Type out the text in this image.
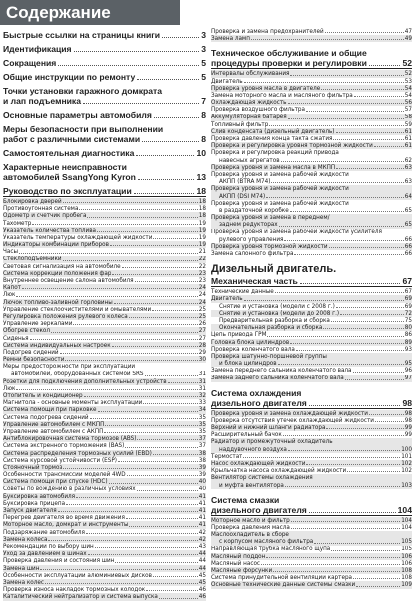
Содержание
Быстрые ссылки на страницы книги	3
Идентификация	3
Сокращения	5
Общие инструкции по ремонту	5
Точки установки гаражного домкрата
и лап подъемника	7
Основные параметры автомобиля	8
Меры безопасности при выполнении
работ с различными системами	8
Самостоятельная диагностика	10
Характерные неисправности
автомобилей SsangYong Kyron	13
Руководство по эксплуатации	18
Блокировка дверей	18
Противоугонная система	18
Одометр и счетчик пробега	18
Тахометр	19
Указатель количества топлива	19
Указатель температуры охлаждающей жидкости	19
Индикаторы комбинации приборов	19
Часы	21
Стеклоподъемники	22
Световая сигнализация на автомобиле	22
Система коррекции положения фар	23
Внутреннее освещение салона автомобиля	23
Капот	24
Люк	24
Лючок топливо-заливной горловины	24
Управление стеклоочистителями и омывателями	25
Регулировка положения рулевого колеса	25
Управление зеркалами	26
Обогрев стекол	27
Сиденья	27
Система индивидуальных настроек	28
Подогрев сидений	29
Ремни безопасности	30
Меры предосторожности при эксплуатации
автомобилей, оборудованных системой SRS	31
Розетки для подключения дополнительных устройств	31
Люк	31
Отопитель и кондиционер	32
Магнитола - основные моменты эксплуатации	33
Система помощи при парковке	34
Система подогрева сидений	35
Управление автомобилем с МКПП	35
Управление автомобилем с АКПП	35
Антиблокировочная система тормозов (ABS)	37
Система экстренного торможения (BAS)	37
Система распределения тормозных усилий (EBD)	38
Система курсовой устойчивости (ESP)	38
Стояночный тормоз	39
Особенности трансмиссии моделей 4WD	39
Система помощи при спуске (HDC)	40
Советы по вождению в различных условиях	40
Буксировка автомобиля	41
Буксировка прицепа	41
Запуск двигателя	41
Перегрев двигателя во время движения	41
Моторное масло, домкрат и инструменты	41
Подзаряжание автомобиля	42
Замена колеса	42
Рекомендации по выбору шин	43
Уход за давлением в шинах	44
Проверка давления и состояния шин	44
Замена шин	44
Особенности эксплуатации алюминиевых дисков	45
Замена колес	45
Проверка износа накладок тормозных колодок	46
Каталитический нейтрализатор и система выпуска	46
Проверка и замена предохранителей	47
Замена ламп	49
Техническое обслуживание и общие
процедуры проверки и регулировки	52
Интервалы обслуживания	52
Двигатель	53
Проверка уровня масла в двигателе	54
Замена моторного масла и масляного фильтра	54
Охлаждающая жидкость	56
Проверка воздушного фильтра	57
Аккумуляторная батарея	58
Топливный фильтр	59
Слив конденсата (дизельный двигатель)	61
Проверка давления конца такта сжатия	61
Проверка и регулировка уровня тормозной жидкости	61
Проверка и регулировка реакций привода
навесных агрегатов	62
Проверка уровня и замена масла в МКПП	63
Проверка уровня и замена рабочей жидкости
АКПП (BTRA M74)	63
Проверка уровня и замена рабочей жидкости
АКПП (DSI M74)	64
Проверка уровня и замена рабочей жидкости
в раздаточной коробке	65
Проверка уровня и замена в переднем/
заднем редукторах	65
Проверка уровня и замена рабочей жидкости усилителя
рулевого управления	66
Проверка уровня тормозной жидкости	66
Замена салонного фильтра	66
Дизельный двигатель.
Механическая часть	67
Технические данные	67
Двигатель	69
Снятие и установка (модели с 2008 г.)	69
Снятие и установка (модели до 2008 г.)	72
Предварительная разборка и сборка	75
Окончательная разборка и сборка	80
Цепь привода ГРМ	86
Головка блока цилиндров	89
Проверка коленчатого вала	93
Проверка шатунно-поршневой группы
и блока цилиндров	95
Замена переднего сальника коленчатого вала	96
Замена заднего сальника коленчатого вала	97
Система охлаждения
дизельного двигателя	98
Проверка уровня и замена охлаждающей жидкости	98
Проверка отсутствия утечек охлаждающей жидкости	98
Верхний и нижний шланги радиатора	99
Расширительный бачок	99
Радиатор и промежуточный охладитель
наддувочного воздуха	100
Термостат	101
Насос охлаждающей жидкости	102
Крыльчатка насоса охлаждающей жидкости	102
Вентилятор системы охлаждения
и муфта вентилятора	103
Система смазки
дизельного двигателя	104
Моторное масло и фильтр	104
Проверка давления масла	104
Маслоохладитель в сборе
с корпусом масляного фильтра	105
Направляющая трубка масляного щупа	105
Масляный поддон	106
Масляный насос	106
Масляные форсунки	108
Система принудительной вентиляции картера	108
Основные технические данные системы смазки	109
